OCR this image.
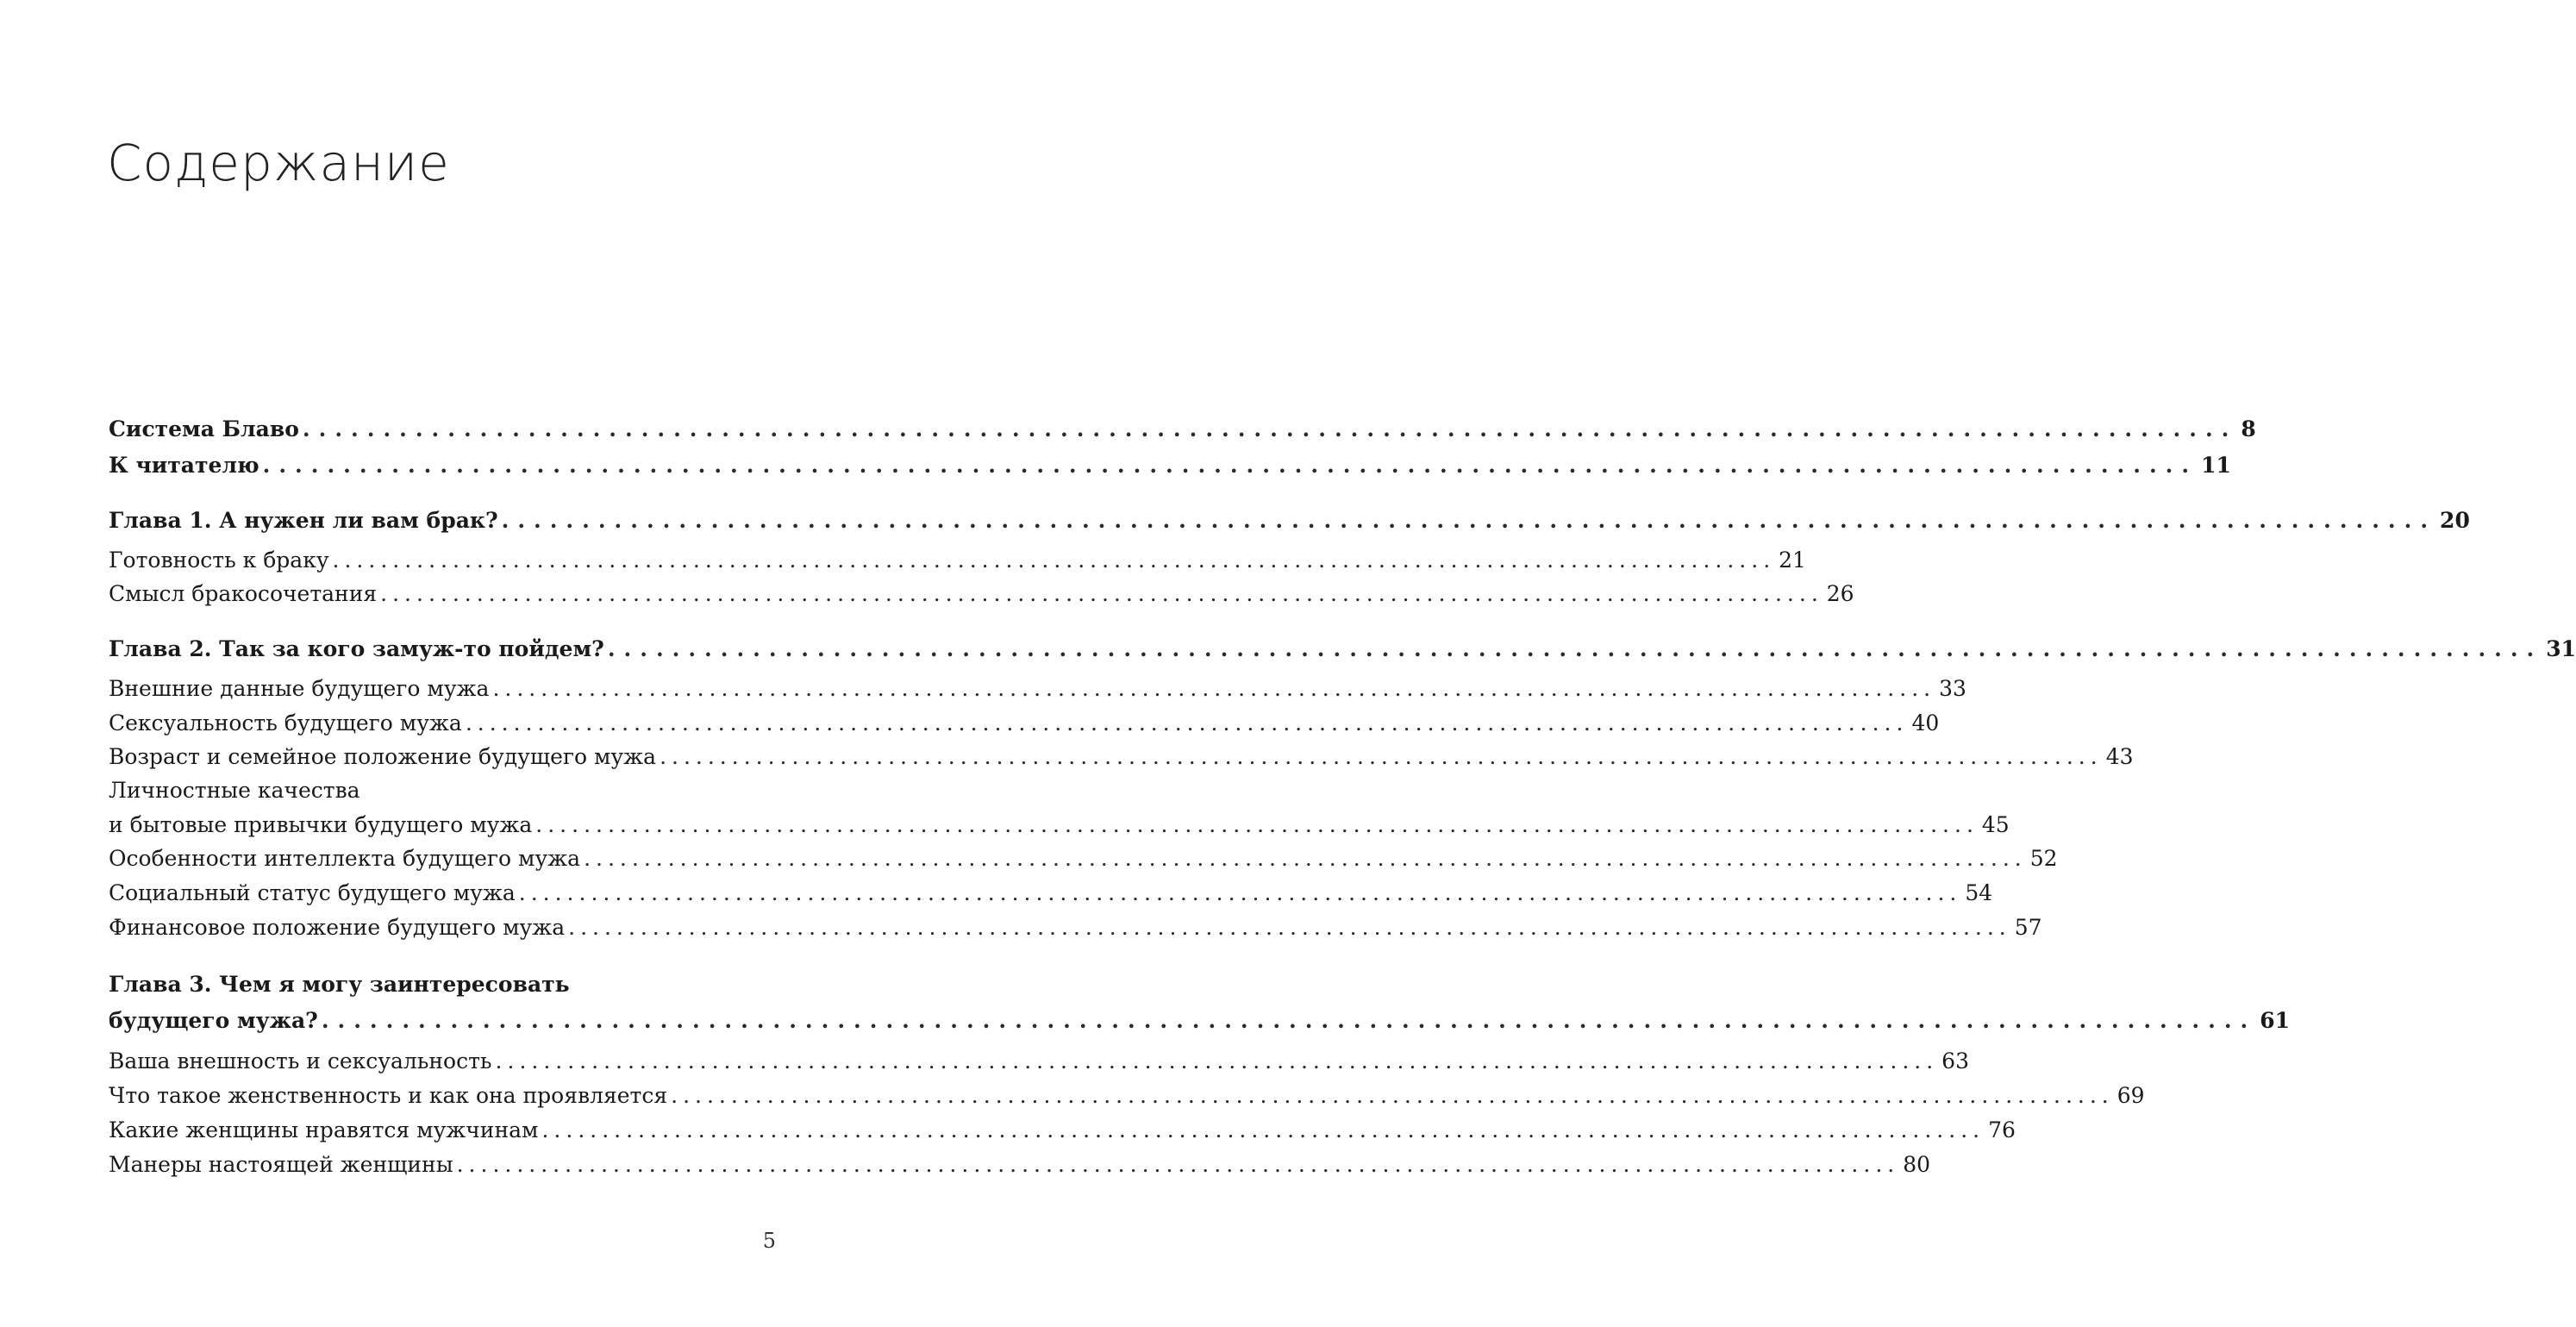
Содержание
Система Блаво ........................................................................................................................ 8
К читателю ........................................................................................................................ 11
Глава 1. А нужен ли вам брак? ........................................................................................................................ 20
Готовность к браку ........................................................................................................................ 21
Смысл бракосочетания ........................................................................................................................ 26
Глава 2. Так за кого замуж-то пойдем? ........................................................................................................................ 31
Внешние данные будущего мужа ........................................................................................................................ 33
Сексуальность будущего мужа ........................................................................................................................ 40
Возраст и семейное положение будущего мужа ........................................................................................................................ 43
Личностные качества
и бытовые привычки будущего мужа ........................................................................................................................ 45
Особенности интеллекта будущего мужа ........................................................................................................................ 52
Социальный статус будущего мужа ........................................................................................................................ 54
Финансовое положение будущего мужа ........................................................................................................................ 57
Глава 3. Чем я могу заинтересовать
будущего мужа? ........................................................................................................................ 61
Ваша внешность и сексуальность ........................................................................................................................ 63
Что такое женственность и как она проявляется ........................................................................................................................ 69
Какие женщины нравятся мужчинам ........................................................................................................................ 76
Манеры настоящей женщины ........................................................................................................................ 80
5
